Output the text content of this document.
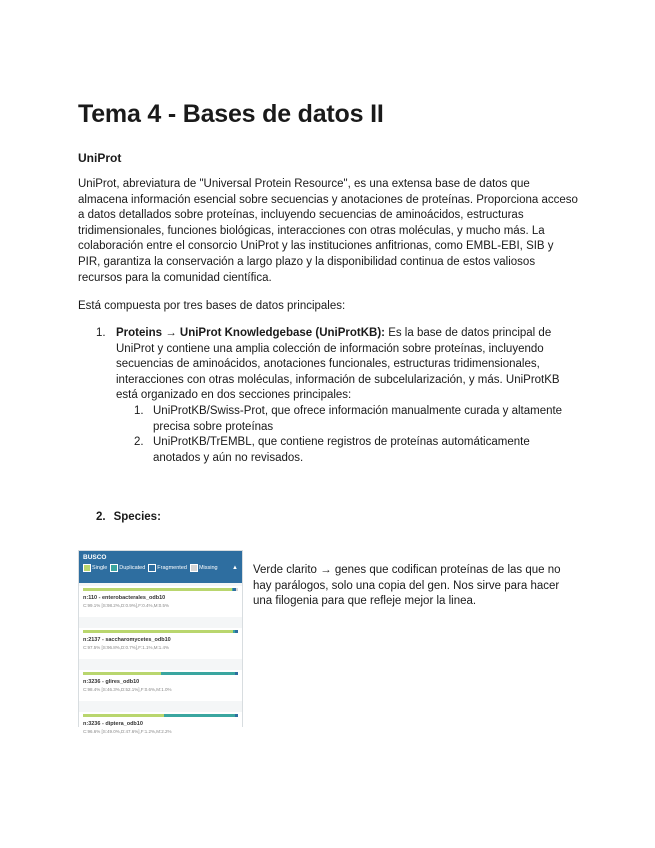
Tema 4 - Bases de datos II
UniProt

UniProt, abreviatura de "Universal Protein Resource", es una extensa base de datos que almacena información esencial sobre secuencias y anotaciones de proteínas. Proporciona acceso a datos detallados sobre proteínas, incluyendo secuencias de aminoácidos, estructuras tridimensionales, funciones biológicas, interacciones con otras moléculas, y mucho más. La colaboración entre el consorcio UniProt y las instituciones anfitrionas, como EMBL-EBI, SIB y PIR, garantiza la conservación a largo plazo y la disponibilidad continua de estos valiosos recursos para la comunidad científica.

Está compuesta por tres bases de datos principales:

1. Proteins → UniProt Knowledgebase (UniProtKB): Es la base de datos principal de UniProt y contiene una amplia colección de información sobre proteínas, incluyendo secuencias de aminoácidos, anotaciones funcionales, estructuras tridimensionales, interacciones con otras moléculas, información de subcelularización, y más. UniProtKB está organizado en dos secciones principales:
1. UniProtKB/Swiss-Prot, que ofrece información manualmente curada y altamente precisa sobre proteínas
2. UniProtKB/TrEMBL, que contiene registros de proteínas automáticamente anotados y aún no revisados.
2. Species:
BUSCO
Single Duplicated Fragmented Missing ▲
n:110 - enterobacterales_odb10
C:99.1% [S:98.2%,D:0.9%],F:0.4%,M:0.5%
n:2137 - saccharomycetes_odb10
C:97.5% [S:96.8%,D:0.7%],F:1.1%,M:1.4%
n:3236 - glires_odb10
C:98.4% [S:46.3%,D:52.1%],F:0.6%,M:1.0%
n:3236 - diptera_odb10
C:96.6% [S:49.0%,D:47.6%],F:1.2%,M:2.2%

Verde clarito → genes que codifican proteínas de las que no hay parálogos, solo una copia del gen. Nos sirve para hacer una filogenia para que refleje mejor la linea.
